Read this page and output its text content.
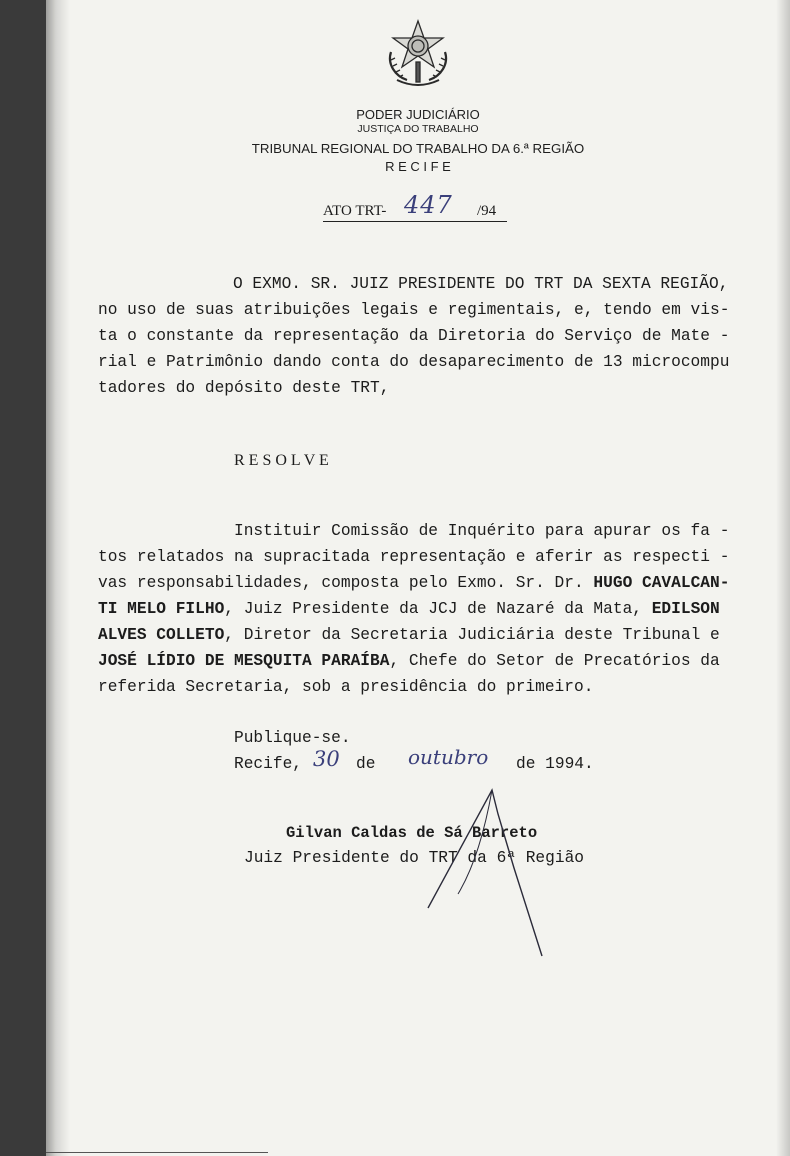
PODER JUDICIÁRIO
JUSTIÇA DO TRABALHO
TRIBUNAL REGIONAL DO TRABALHO DA 6.ª REGIÃO
R E C I F E
ATO TRT- 447 /94
O EXMO. SR. JUIZ PRESIDENTE DO TRT DA SEXTA REGIÃO,
no uso de suas atribuições legais e regimentais, e, tendo em vis-
ta o constante da representação da Diretoria do Serviço de Mate -
rial e Patrimônio dando conta do desaparecimento de 13 microcompu
tadores do depósito deste TRT,
R E S O L V E
Instituir Comissão de Inquérito para apurar os fa -
tos relatados na supracitada representação e aferir as respecti -
vas responsabilidades, composta pelo Exmo. Sr. Dr. HUGO CAVALCAN-
TI MELO FILHO, Juiz Presidente da JCJ de Nazaré da Mata, EDILSON
ALVES COLLETO, Diretor da Secretaria Judiciária deste Tribunal e
JOSÉ LÍDIO DE MESQUITA PARAÍBA, Chefe do Setor de Precatórios da
referida Secretaria, sob a presidência do primeiro.
Publique-se.
Recife, 30 de outubro de 1994.
Gilvan Caldas de Sá Barreto
Juiz Presidente do TRT da 6ª Região
